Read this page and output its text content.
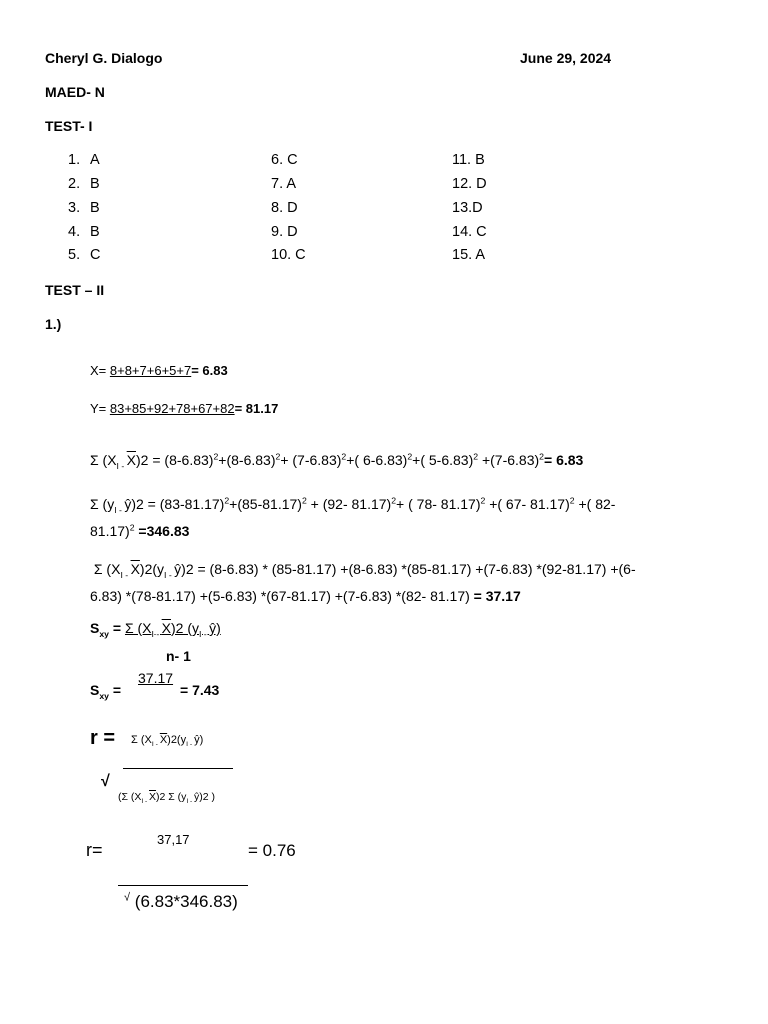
Cheryl G. Dialogo	June 29, 2024
MAED- N
TEST- I
1. A
2. B
3. B
4. B
5. C
6. C
7. A
8. D
9. D
10. C
11. B
12. D
13.D
14. C
15. A
TEST – II
1.)
X= 8+8+7+6+5+7= 6.83
Y= 83+85+92+78+67+82= 81.17
Σ ($X_{I -}$ $\overline{X})2 = (8-6.83)^2+(8-6.83)^2+ (7-6.83)^2+$( 6-6.83)$^2$+( $5-6.83)^2 +(7-6.83)^2= 6.83$
Σ ($y_{I -}$ ŷ)2 = $(83-81.17)^2+(85-81.17)^2 + (92-$ 81.17)$^2$+ ( 78- 81.17)$^2$ +( 67- 81.17)$^2$ +( 82-
81.17)$^2$ =346.83
Σ ($X_{I -}$ $\overline{X})2(y_{I -}$ ŷ)2 = (8-6.83) * (85-81.17) +(8-6.83) *(85-81.17) +(7-6.83) *(92-81.17) +(6-
6.83) *(78-81.17) +(5-6.83) *(67-81.17) +(7-6.83) *(82- 81.17) = 37.17
$S_{xy} = \Sigma$ ($X_{I -}$ X)2 ($y_{I -}$ ŷ)
n- 1
$S_{xy}$ =
37.17
= 7.43
r = Σ ($X_{I -}$ $\overline{X})2(y_{I -}$ ŷ)
√
(Σ ($X_{I -}$ $\overline{X})2$ Σ ($y_{I -}$ ŷ)2 )
r=
37,17
= 0.76
√ (6.83*346.83)
